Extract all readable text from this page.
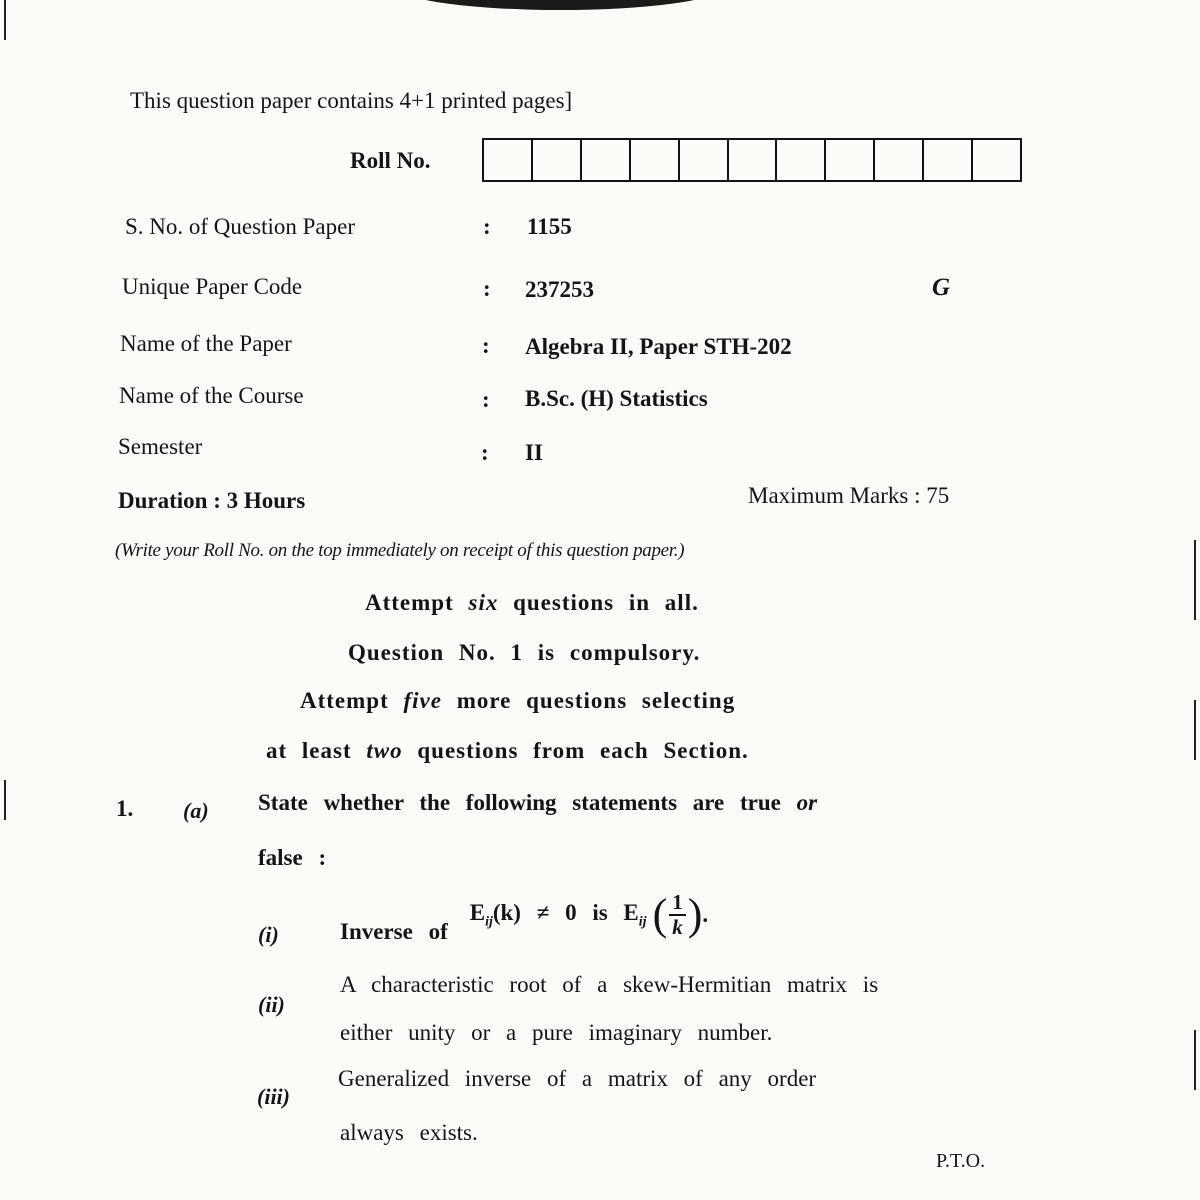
This question paper contains 4+1 printed pages]
Roll No.
S. No. of Question Paper	: 1155
Unique Paper Code	: 237253	G
Name of the Paper	: Algebra II, Paper STH-202
Name of the Course	: B.Sc. (H) Statistics
Semester	: II
Duration : 3 Hours	Maximum Marks : 75
(Write your Roll No. on the top immediately on receipt of this question paper.)
Attempt six questions in all.
Question No. 1 is compulsory.
Attempt five more questions selecting
at least two questions from each Section.
1. (a) State whether the following statements are true or
false :
(i)	Inverse of
$E_{ij}(k) \ne 0$ is $E_{ij}$ ( $\frac{1}{k}$ ) .
(ii)
A characteristic root of a skew-Hermitian matrix is
either unity or a pure imaginary number.
(iii)
Generalized inverse of a matrix of any order
always exists.
P.T.O.
